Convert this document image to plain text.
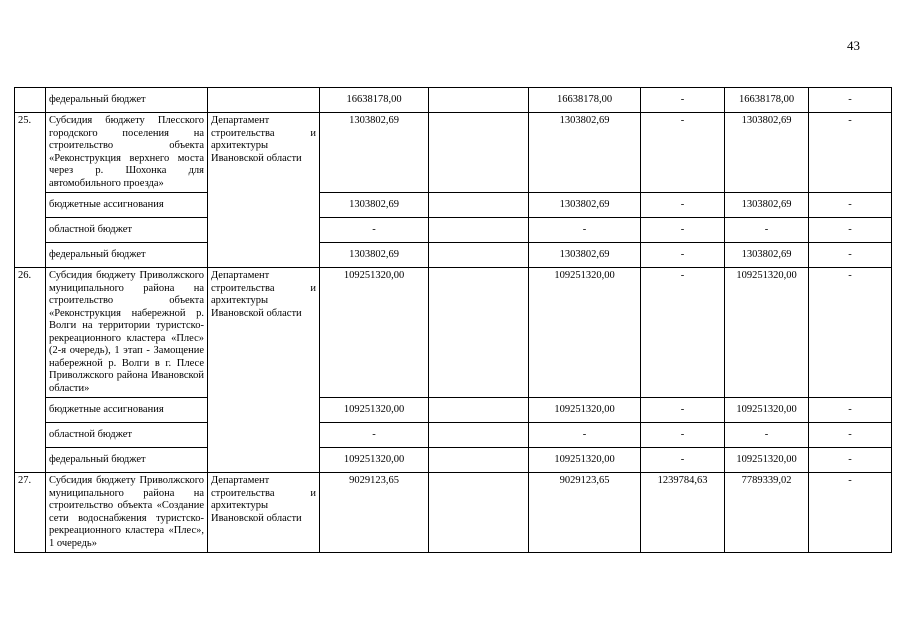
43
	федеральный бюджет		16638178,00		16638178,00	-	16638178,00	-
25.	Субсидия бюджету Плесского городского поселения на строительство объекта «Реконструкция верхнего моста через р. Шохонка для автомобильного проезда»	Департамент строительства и архитектуры Ивановской области	1303802,69		1303802,69	-	1303802,69	-
	бюджетные ассигнования		1303802,69		1303802,69	-	1303802,69	-
	областной бюджет		-		-	-	-	-
	федеральный бюджет		1303802,69		1303802,69	-	1303802,69	-
26.	Субсидия бюджету Приволжского муниципального района на строительство объекта «Реконструкция набережной р. Волги на территории туристско-рекреационного кластера «Плес» (2-я очередь), 1 этап - Замощение набережной р. Волги в г. Плесе Приволжского района Ивановской области»	Департамент строительства и архитектуры Ивановской области	109251320,00		109251320,00	-	109251320,00	-
	бюджетные ассигнования		109251320,00		109251320,00	-	109251320,00	-
	областной бюджет		-		-	-	-	-
	федеральный бюджет		109251320,00		109251320,00	-	109251320,00	-
27.	Субсидия бюджету Приволжского муниципального района на строительство объекта «Создание сети водоснабжения туристско-рекреационного кластера «Плес», 1 очередь»	Департамент строительства и архитектуры Ивановской области	9029123,65		9029123,65	1239784,63	7789339,02	-
